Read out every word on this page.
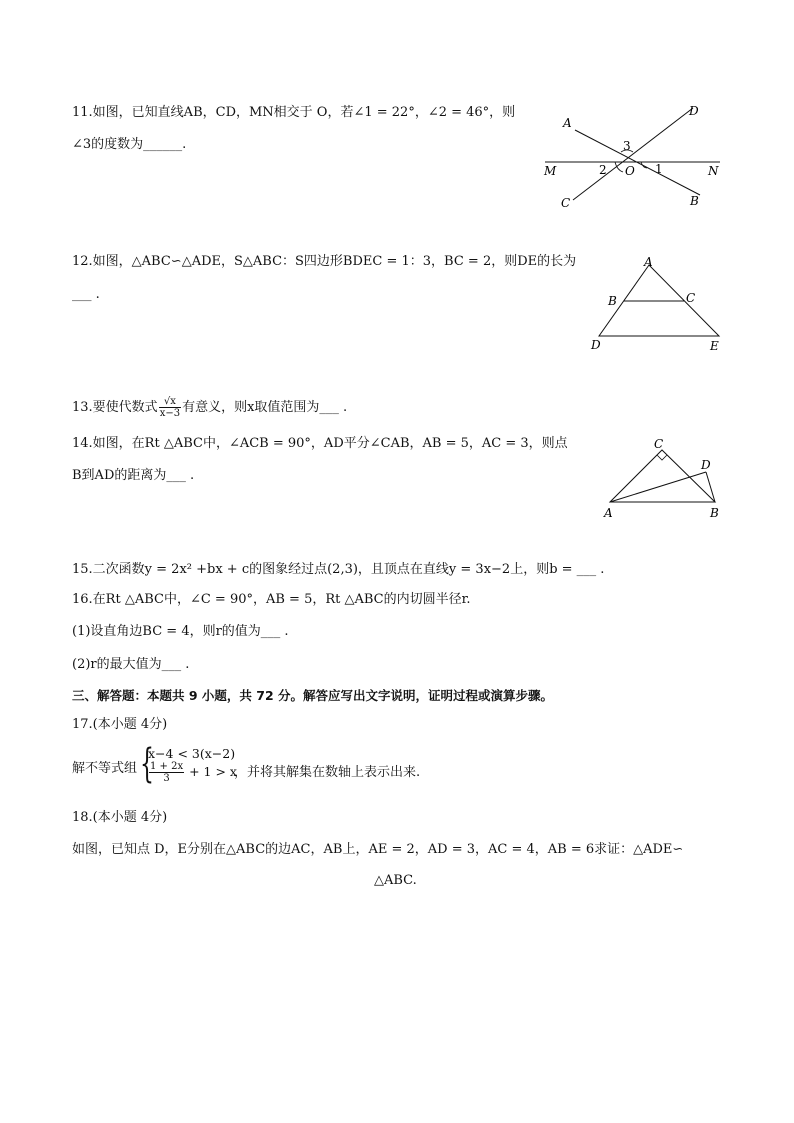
11.如图，已知直线AB，CD，MN相交于 O，若∠1 = 22°，∠2 = 46°，则
∠3的度数为______.
A
D
M	N
C	B
O 1
2
3
12.如图，△ABC∽△ADE，S△ABC：S四边形BDEC = 1：3，BC = 2，则DE的长为
___ .
A
B	C
D	E
13.要使代数式 $\frac{√x}{x-3}$ 有意义，则x取值范围为___ .
14.如图，在Rt △ABC中，∠ACB = 90°，AD平分∠CAB，AB = 5，AC = 3，则点
B到AD的距离为___ .
C
D
A	B
15.二次函数y = 2x² +bx + c的图象经过点(2,3)，且顶点在直线y = 3x−2上，则b = ___ .
16.在Rt △ABC中，∠C = 90°，AB = 5，Rt △ABC的内切圆半径r.
(1)设直角边BC = 4，则r的值为___ .
(2)r的最大值为___ .
三、解答题：本题共 9 小题，共 72 分。解答应写出文字说明，证明过程或演算步骤。
17.(本小题 4分)
解不等式组 {
x−4 < 3(x−2)
$\frac{1 + 2x}{3} + 1 > x$
，并将其解集在数轴上表示出来.
18.(本小题 4分)
如图，已知点 D，E分别在△ABC的边AC，AB上，AE = 2，AD = 3，AC = 4，AB = 6求证：△ADE∽
△ABC.
